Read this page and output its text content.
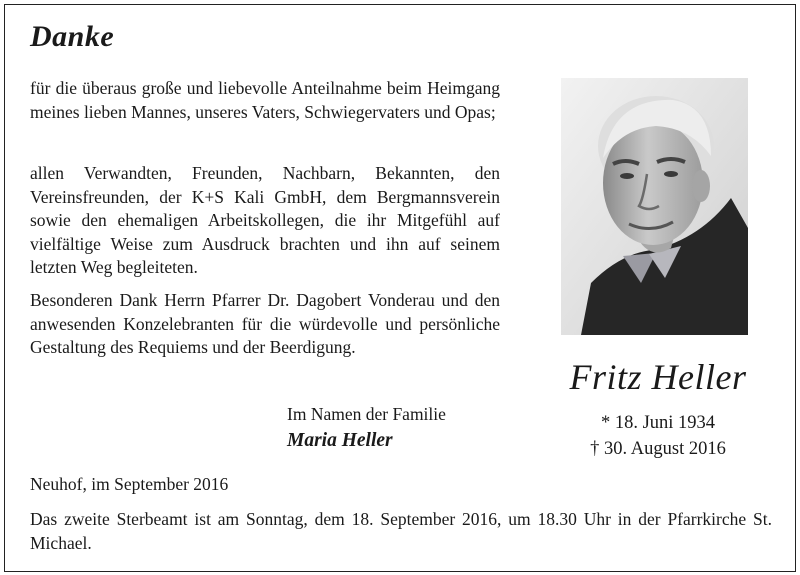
Danke
für die überaus große und liebevolle Anteilnahme beim Heimgang meines lieben Mannes, unseres Vaters, Schwiegervaters und Opas;
allen Verwandten, Freunden, Nachbarn, Bekannten, den Vereinsfreunden, der K+S Kali GmbH, dem Bergmannsverein sowie den ehemaligen Arbeitskollegen, die ihr Mitgefühl auf vielfältige Weise zum Ausdruck brachten und ihn auf seinem letzten Weg begleiteten.
Besonderen Dank Herrn Pfarrer Dr. Dagobert Vonderau und den anwesenden Konzelebranten für die würdevolle und persönliche Gestaltung des Requiems und der Beerdigung.
Fritz Heller
* 18. Juni 1934
† 30. August 2016
Im Namen der Familie
Maria Heller
Neuhof, im September 2016
Das zweite Sterbeamt ist am Sonntag, dem 18. September 2016, um 18.30 Uhr in der Pfarrkirche St. Michael.
